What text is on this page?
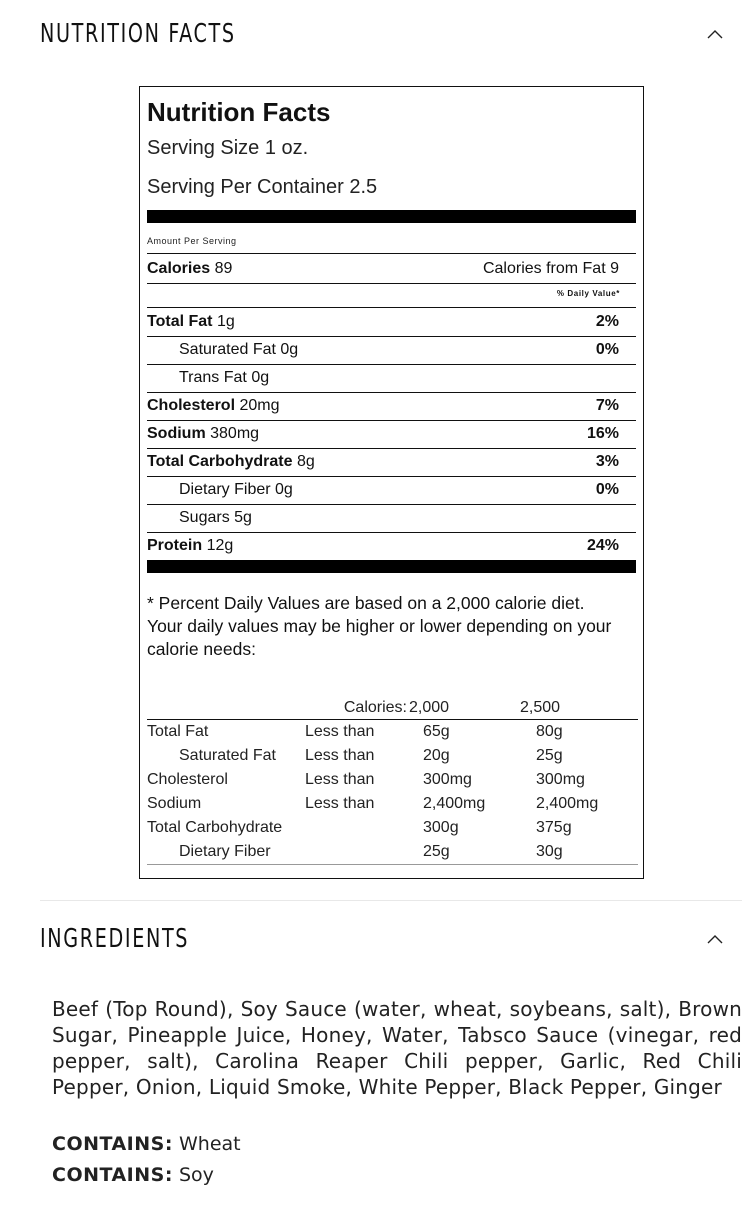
NUTRITION FACTS
Nutrition Facts
Serving Size 1 oz.
Serving Per Container 2.5
Amount Per Serving
Calories 89	Calories from Fat 9
% Daily Value*
Total Fat 1g	2%
Saturated Fat 0g	0%
Trans Fat 0g
Cholesterol 20mg	7%
Sodium 380mg	16%
Total Carbohydrate 8g	3%
Dietary Fiber 0g	0%
Sugars 5g
Protein 12g	24%
* Percent Daily Values are based on a 2,000 calorie diet. Your daily values may be higher or lower depending on your calorie needs:
	Calories:	2,000	2,500
Total Fat	Less than	65g	80g
Saturated Fat	Less than	20g	25g
Cholesterol	Less than	300mg	300mg
Sodium	Less than	2,400mg	2,400mg
Total Carbohydrate		300g	375g
Dietary Fiber		25g	30g
INGREDIENTS
Beef (Top Round), Soy Sauce (water, wheat, soybeans, salt), Brown Sugar, Pineapple Juice, Honey, Water, Tabsco Sauce (vinegar, red pepper, salt), Carolina Reaper Chili pepper, Garlic, Red Chili Pepper, Onion, Liquid Smoke, White Pepper, Black Pepper, Ginger
CONTAINS: Wheat
CONTAINS: Soy
